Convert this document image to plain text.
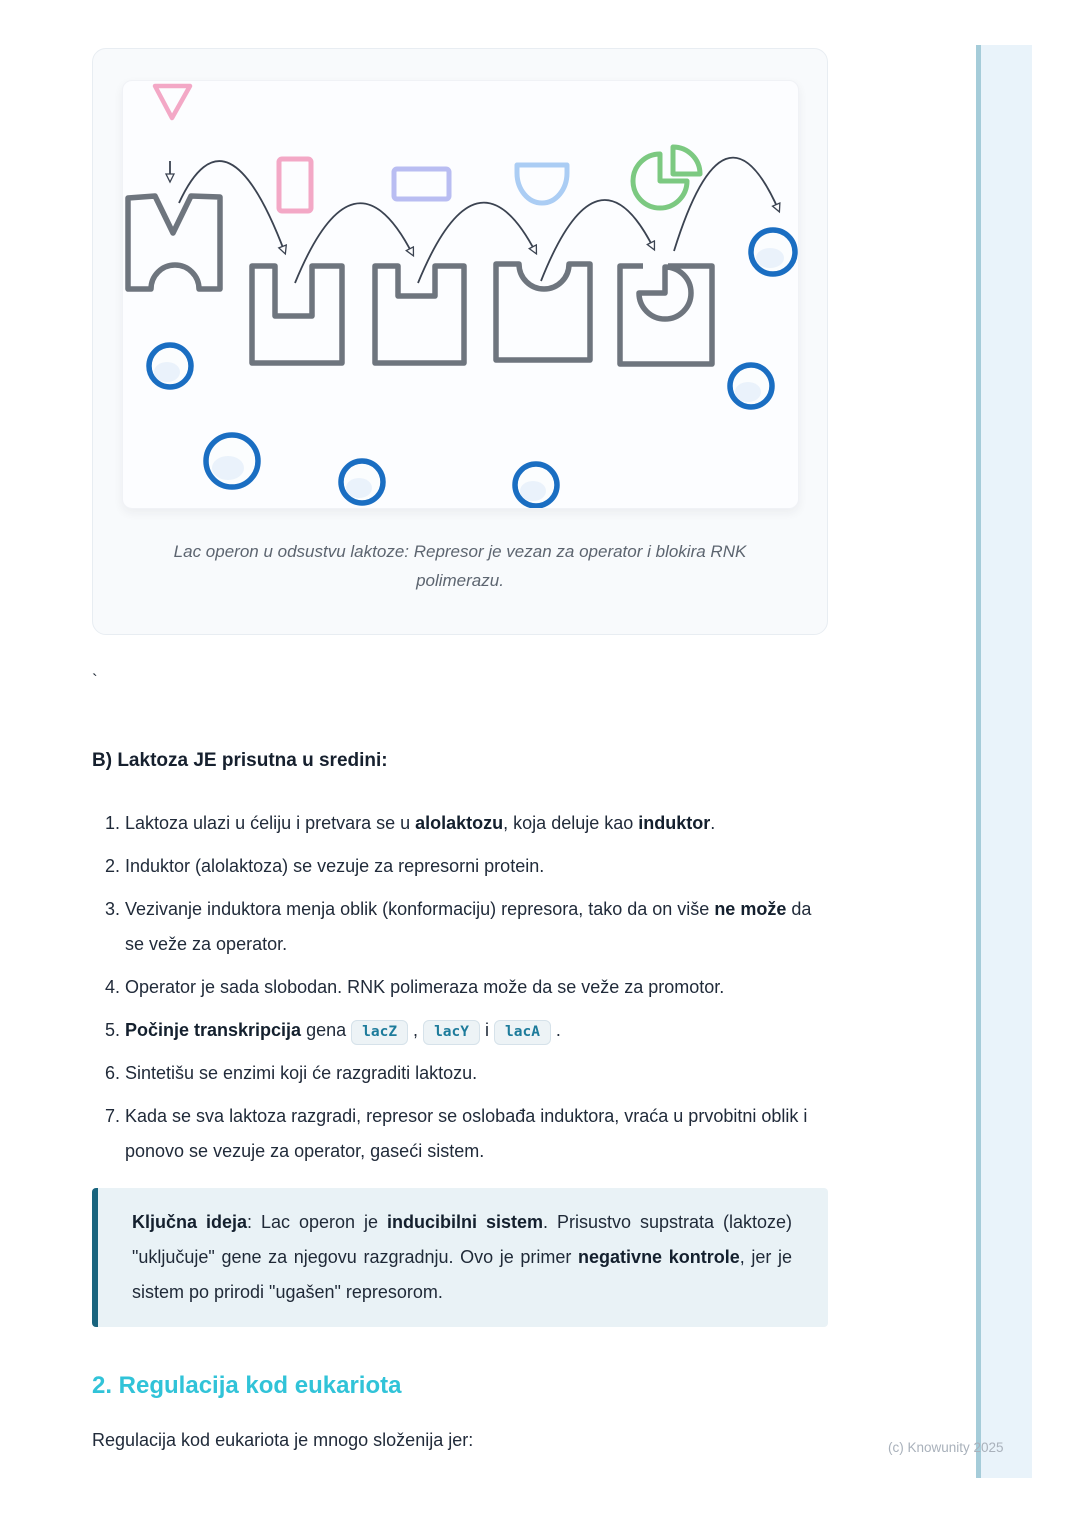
(c) Knowunity 2025

Lac operon u odsustvu laktoze: Represor je vezan za operator i blokira RNK polimerazu.

`
B) Laktoza JE prisutna u sredini:
1. Laktoza ulazi u ćeliju i pretvara se u alolaktozu, koja deluje kao induktor.
2. Induktor (alolaktoza) se vezuje za represorni protein.
3. Vezivanje induktora menja oblik (konformaciju) represora, tako da on više ne može da se veže za operator.
4. Operator je sada slobodan. RNK polimeraza može da se veže za promotor.
5. Počinje transkripcija gena lacZ , lacY i lacA .
6. Sintetišu se enzimi koji će razgraditi laktozu.
7. Kada se sva laktoza razgradi, represor se oslobađa induktora, vraća u prvobitni oblik i ponovo se vezuje za operator, gaseći sistem.
Ključna ideja: Lac operon je inducibilni sistem. Prisustvo supstrata (laktoze) "uključuje" gene za njegovu razgradnju. Ovo je primer negativne kontrole, jer je sistem po prirodi "ugašen" represorom.
2. Regulacija kod eukariota

Regulacija kod eukariota je mnogo složenija jer:
